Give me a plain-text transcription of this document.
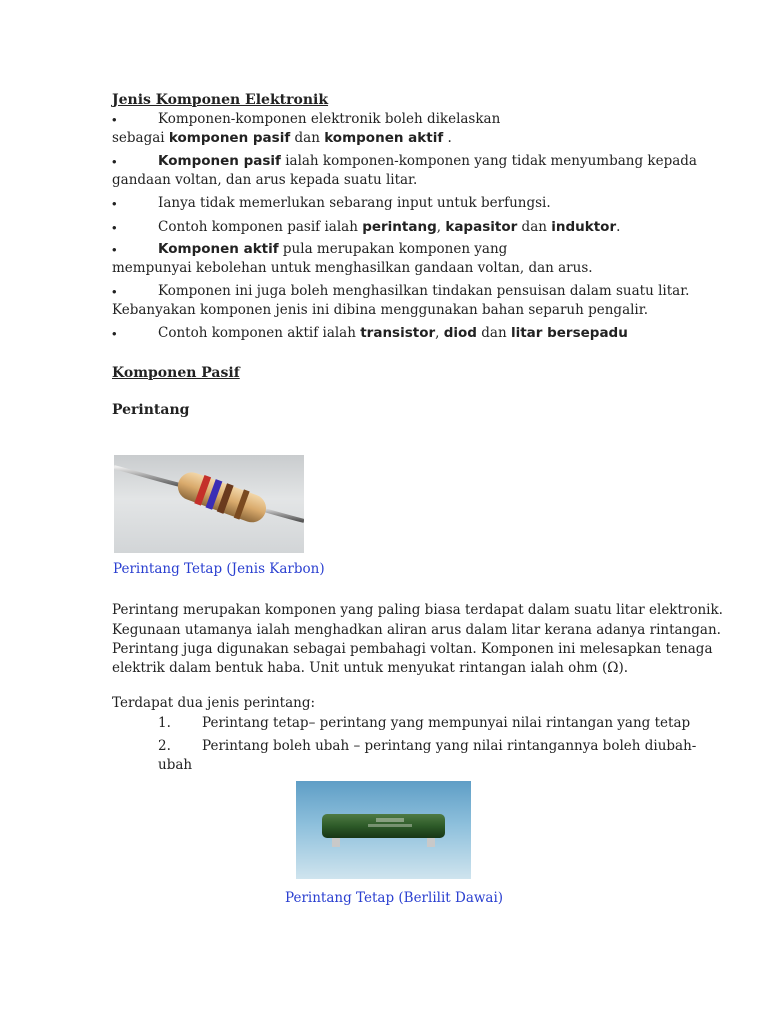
Jenis Komponen Elektronik
•	Komponen-komponen elektronik boleh dikelaskan
sebagai komponen pasif dan komponen aktif .
•	Komponen pasif ialah komponen-komponen yang tidak menyumbang kepada
gandaan voltan, dan arus kepada suatu litar.
•	Ianya tidak memerlukan sebarang input untuk berfungsi.
•	Contoh komponen pasif ialah perintang, kapasitor dan induktor.
•	Komponen aktif pula merupakan komponen yang
mempunyai kebolehan untuk menghasilkan gandaan voltan, dan arus.
•	Komponen ini juga boleh menghasilkan tindakan pensuisan dalam suatu litar.
Kebanyakan komponen jenis ini dibina menggunakan bahan separuh pengalir.
•	Contoh komponen aktif ialah transistor, diod dan litar bersepadu
Komponen Pasif
Perintang
Perintang Tetap (Jenis Karbon)
Perintang merupakan komponen yang paling biasa terdapat dalam suatu litar elektronik.
Kegunaan utamanya ialah menghadkan aliran arus dalam litar kerana adanya rintangan.
Perintang juga digunakan sebagai pembahagi voltan. Komponen ini melesapkan tenaga
elektrik dalam bentuk haba. Unit untuk menyukat rintangan ialah ohm (Ω).
Terdapat dua jenis perintang:
1. Perintang tetap– perintang yang mempunyai nilai rintangan yang tetap
2. Perintang boleh ubah – perintang yang nilai rintangannya boleh diubah-
ubah
Perintang Tetap (Berlilit Dawai)
